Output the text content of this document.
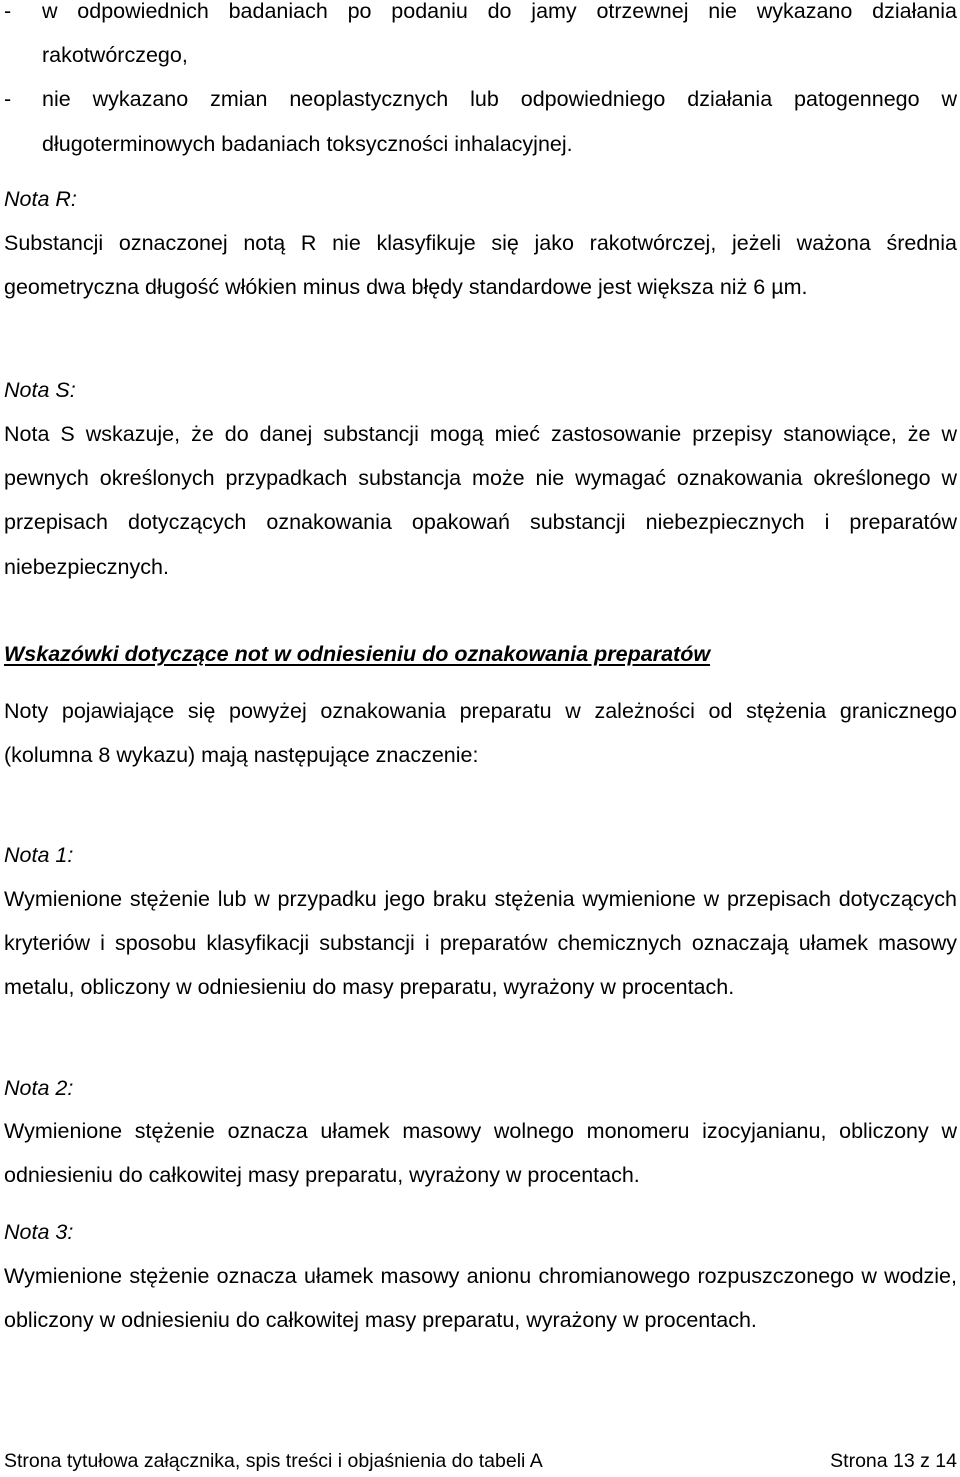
- w odpowiednich badaniach po podaniu do jamy otrzewnej nie wykazano działania rakotwórczego,
- nie wykazano zmian neoplastycznych lub odpowiedniego działania patogennego w długoterminowych badaniach toksyczności inhalacyjnej.
Nota R:
Substancji oznaczonej notą R nie klasyfikuje się jako rakotwórczej, jeżeli ważona średnia geometryczna długość włókien minus dwa błędy standardowe jest większa niż 6 µm.
Nota S:
Nota S wskazuje, że do danej substancji mogą mieć zastosowanie przepisy stanowiące, że w pewnych określonych przypadkach substancja może nie wymagać oznakowania określonego w przepisach dotyczących oznakowania opakowań substancji niebezpiecznych i preparatów niebezpiecznych.
Wskazówki dotyczące not w odniesieniu do oznakowania preparatów
Noty pojawiające się powyżej oznakowania preparatu w zależności od stężenia granicznego (kolumna 8 wykazu) mają następujące znaczenie:
Nota 1:
Wymienione stężenie lub w przypadku jego braku stężenia wymienione w przepisach dotyczących kryteriów i sposobu klasyfikacji substancji i preparatów chemicznych oznaczają ułamek masowy metalu, obliczony w odniesieniu do masy preparatu, wyrażony w procentach.
Nota 2:
Wymienione stężenie oznacza ułamek masowy wolnego monomeru izocyjanianu, obliczony w odniesieniu do całkowitej masy preparatu, wyrażony w procentach.
Nota 3:
Wymienione stężenie oznacza ułamek masowy anionu chromianowego rozpuszczonego w wodzie, obliczony w odniesieniu do całkowitej masy preparatu, wyrażony w procentach.
Strona tytułowa załącznika, spis treści i objaśnienia do tabeli A	Strona 13 z 14
